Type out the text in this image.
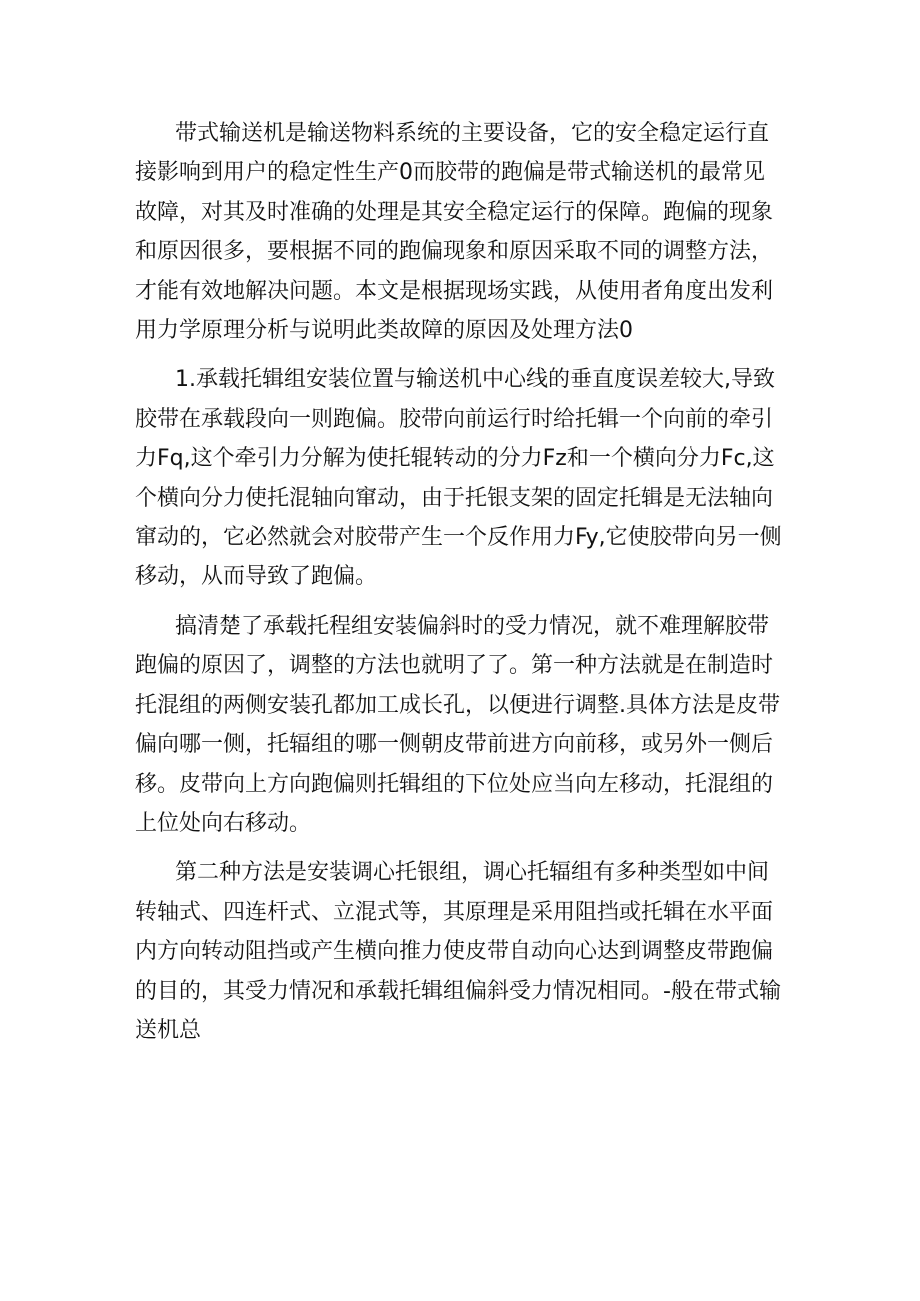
带式输送机是输送物料系统的主要设备，它的安全稳定运行直接影响到用户的稳定性生产0而胶带的跑偏是带式输送机的最常见故障，对其及时准确的处理是其安全稳定运行的保障。跑偏的现象和原因很多，要根据不同的跑偏现象和原因采取不同的调整方法，才能有效地解决问题。本文是根据现场实践，从使用者角度出发利用力学原理分析与说明此类故障的原因及处理方法0

1.承载托辑组安装位置与输送机中心线的垂直度误差较大,导致胶带在承载段向一则跑偏。胶带向前运行时给托辑一个向前的牵引力Fq,这个牵引力分解为使托辊转动的分力Fz和一个横向分力Fc,这个横向分力使托混轴向窜动，由于托银支架的固定托辑是无法轴向窜动的，它必然就会对胶带产生一个反作用力Fy,它使胶带向另一侧移动，从而导致了跑偏。

搞清楚了承载托程组安装偏斜时的受力情况，就不难理解胶带跑偏的原因了，调整的方法也就明了了。第一种方法就是在制造时托混组的两侧安装孔都加工成长孔，以便进行调整.具体方法是皮带偏向哪一侧，托辐组的哪一侧朝皮带前进方向前移，或另外一侧后移。皮带向上方向跑偏则托辑组的下位处应当向左移动，托混组的上位处向右移动。

第二种方法是安装调心托银组，调心托辐组有多种类型如中间转轴式、四连杆式、立混式等，其原理是采用阻挡或托辑在水平面内方向转动阻挡或产生横向推力使皮带自动向心达到调整皮带跑偏的目的，其受力情况和承载托辑组偏斜受力情况相同。-般在带式输送机总
